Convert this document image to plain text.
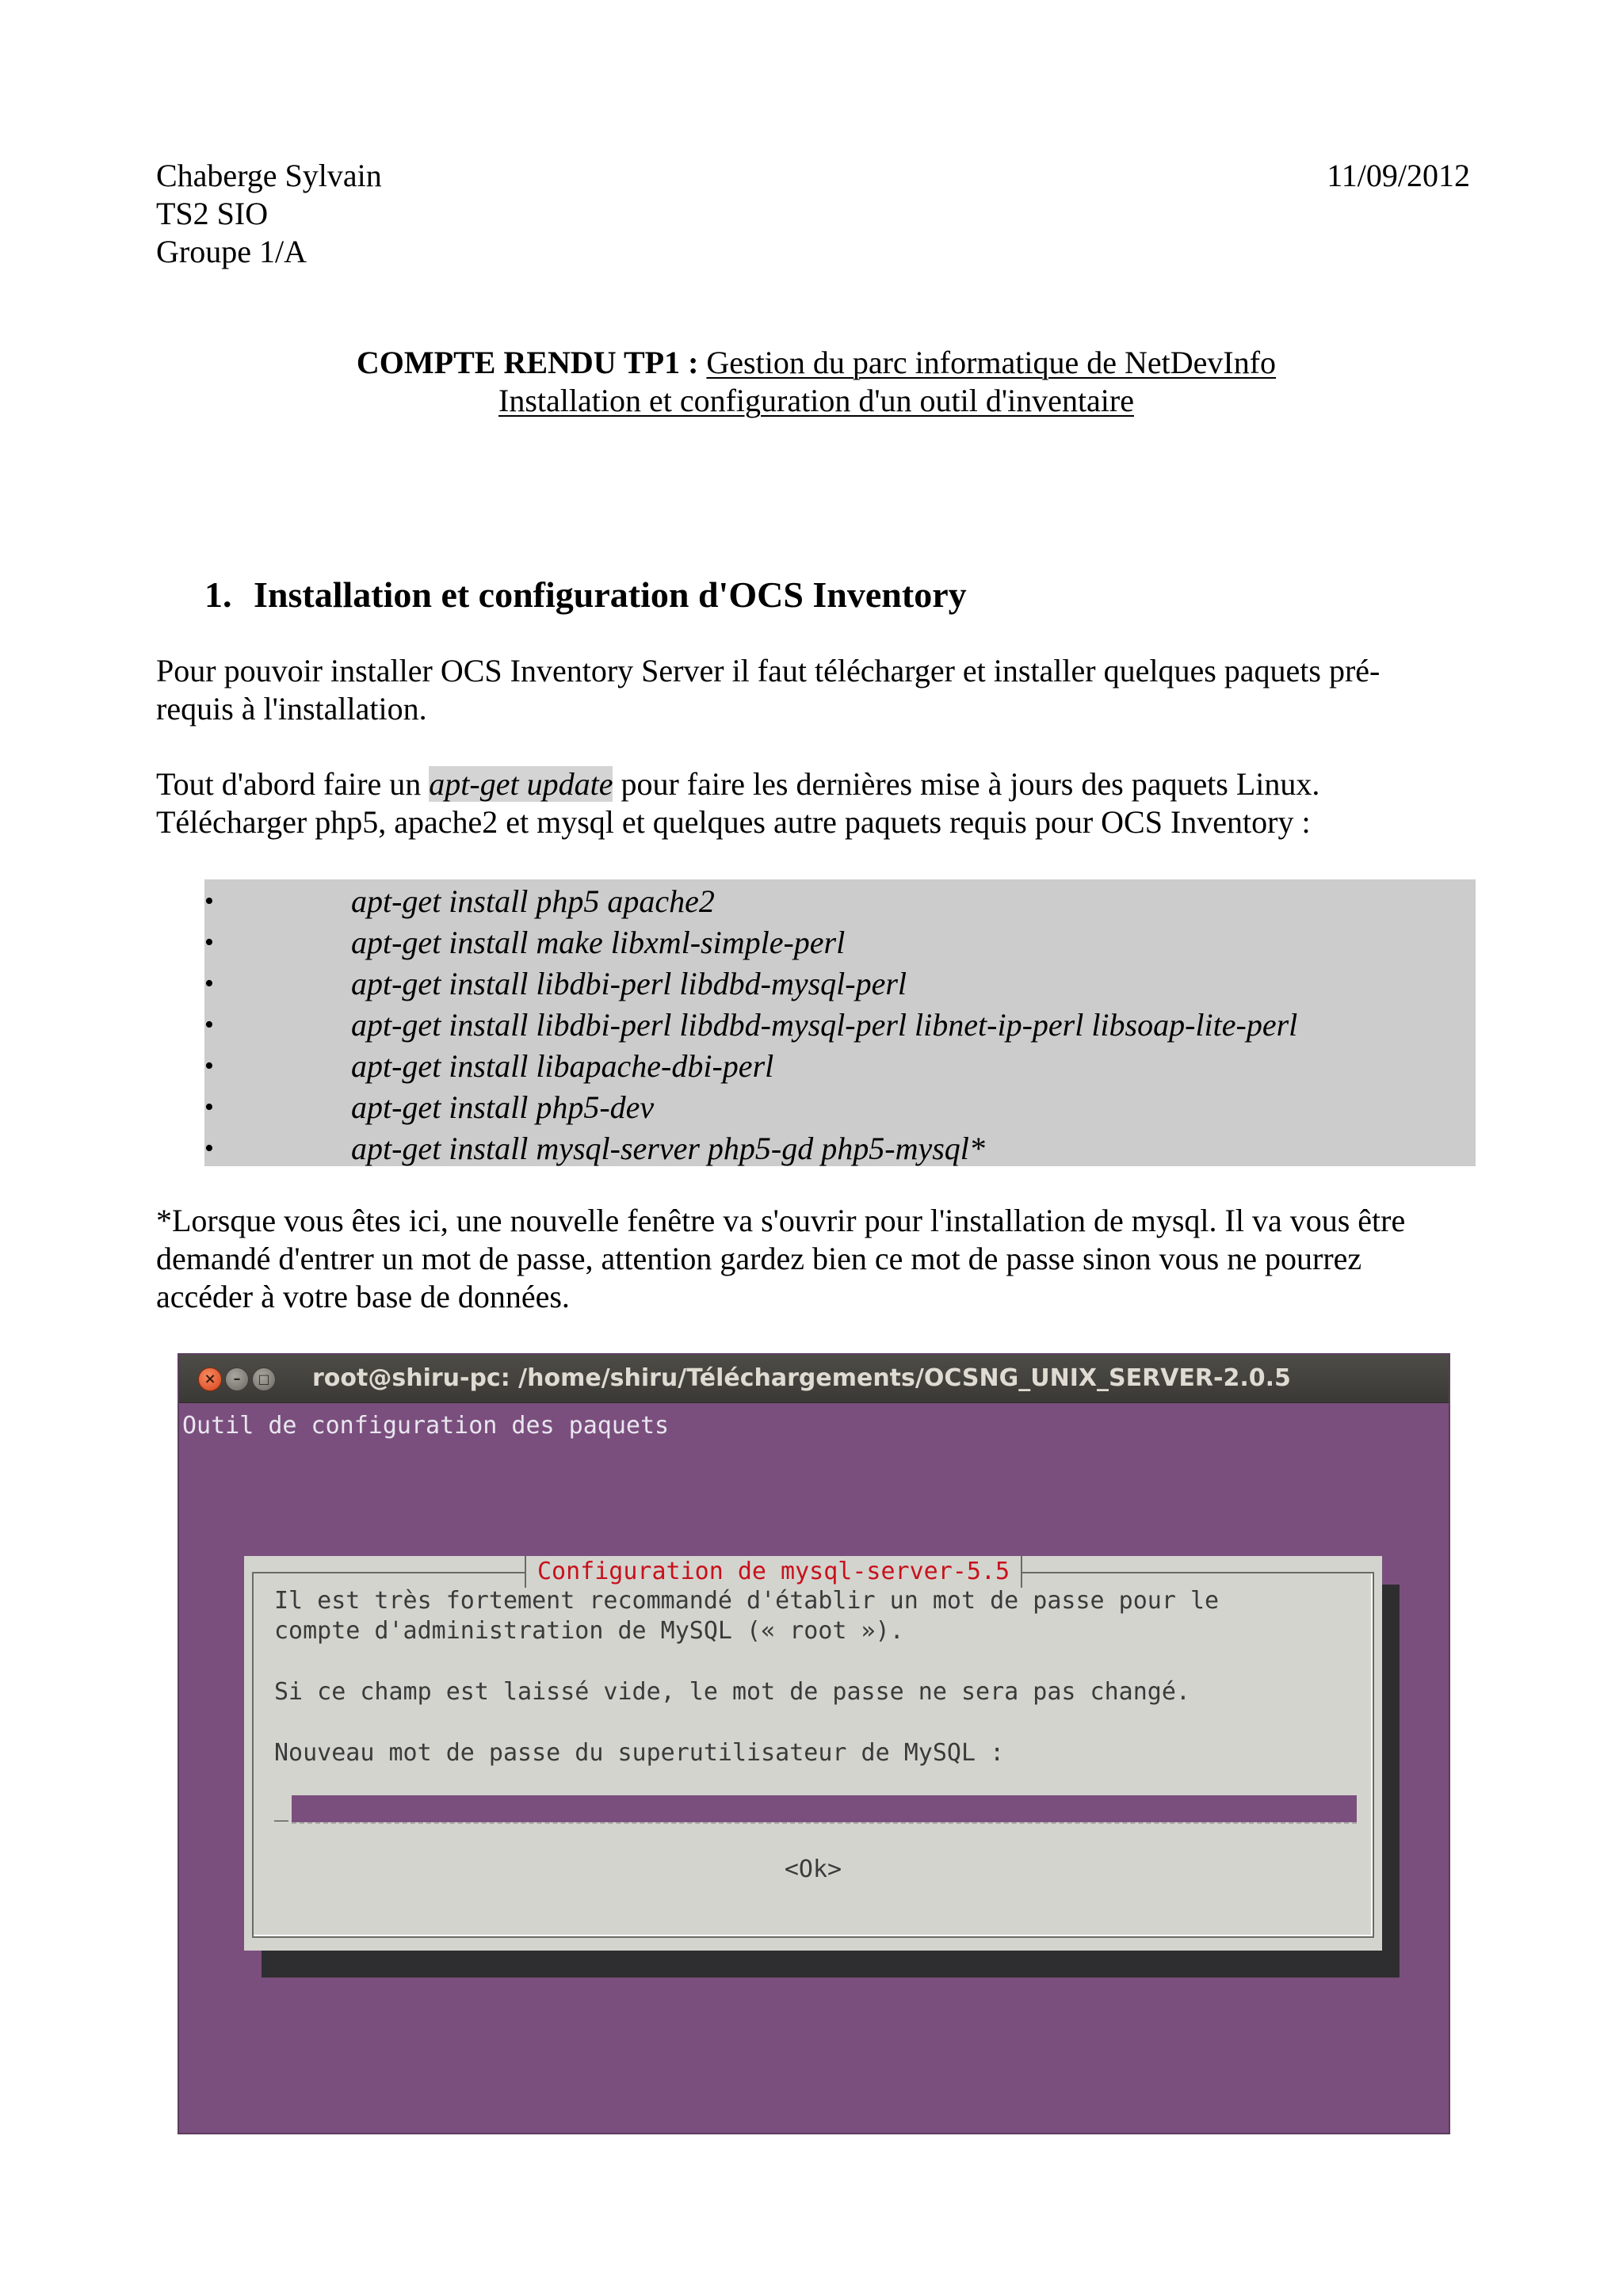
Chaberge Sylvain
TS2 SIO
Groupe 1/A
11/09/2012
COMPTE RENDU TP1 : Gestion du parc informatique de NetDevInfo
Installation et configuration d'un outil d'inventaire
1. Installation et configuration d'OCS Inventory
Pour pouvoir installer OCS Inventory Server il faut télécharger et installer quelques paquets pré-
requis à l'installation.
Tout d'abord faire un apt-get update pour faire les dernières mise à jours des paquets Linux.
Télécharger php5, apache2 et mysql et quelques autre paquets requis pour OCS Inventory :
•	apt-get install php5 apache2
•	apt-get install make libxml-simple-perl
•	apt-get install libdbi-perl libdbd-mysql-perl
•	apt-get install libdbi-perl libdbd-mysql-perl libnet-ip-perl libsoap-lite-perl
•	apt-get install libapache-dbi-perl
•	apt-get install php5-dev
•	apt-get install mysql-server php5-gd php5-mysql*
*Lorsque vous êtes ici, une nouvelle fenêtre va s'ouvrir pour l'installation de mysql. Il va vous être
demandé d'entrer un mot de passe, attention gardez bien ce mot de passe sinon vous ne pourrez
accéder à votre base de données.
×	–	□ root@shiru-pc: /home/shiru/Téléchargements/OCSNG_UNIX_SERVER-2.0.5
Outil de configuration des paquets
Configuration de mysql-server-5.5
Il est très fortement recommandé d'établir un mot de passe pour le
compte d'administration de MySQL (« root »).
Si ce champ est laissé vide, le mot de passe ne sera pas changé.
Nouveau mot de passe du superutilisateur de MySQL :
_
<Ok>
